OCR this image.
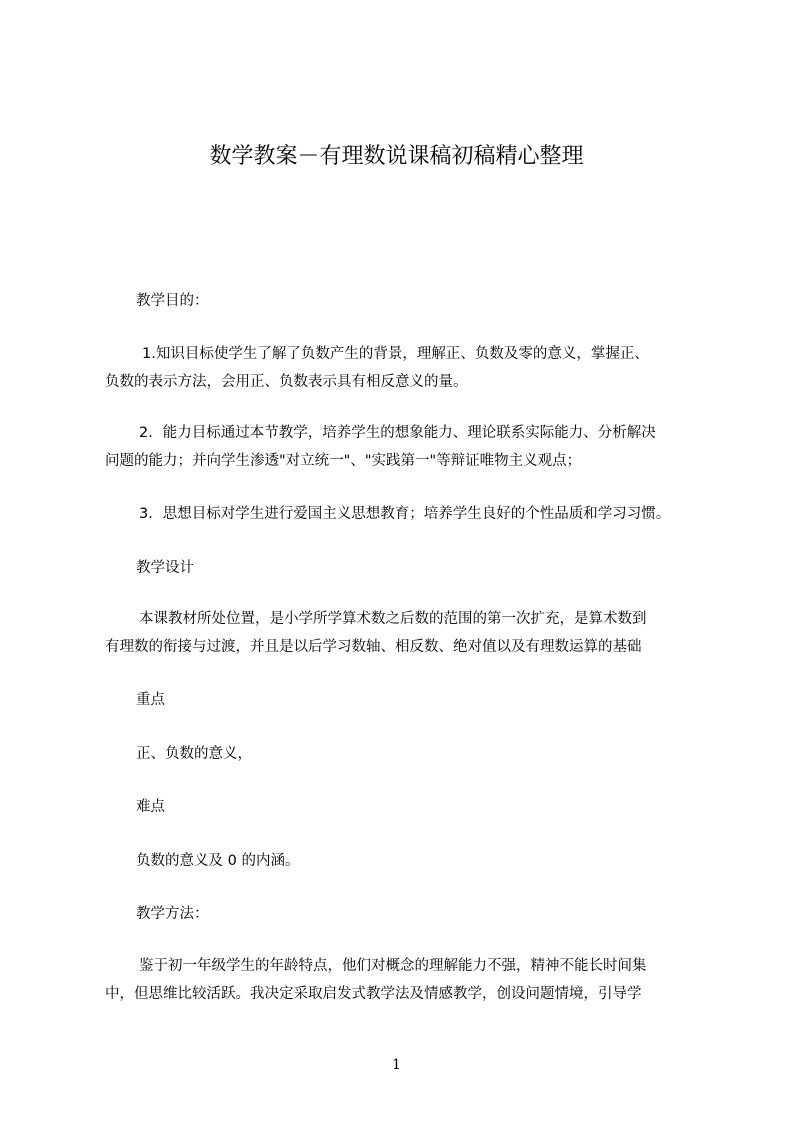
数学教案－有理数说课稿初稿精心整理
教学目的：
1.知识目标使学生了解了负数产生的背景，理解正、负数及零的意义，掌握正、
负数的表示方法，会用正、负数表示具有相反意义的量。
2．能力目标通过本节教学，培养学生的想象能力、理论联系实际能力、分析解决
问题的能力；并向学生渗透"对立统一"、"实践第一"等辩证唯物主义观点；
3．思想目标对学生进行爱国主义思想教育；培养学生良好的个性品质和学习习惯。
教学设计
本课教材所处位置，是小学所学算术数之后数的范围的第一次扩充，是算术数到
有理数的衔接与过渡，并且是以后学习数轴、相反数、绝对值以及有理数运算的基础
重点
正、负数的意义，
难点
负数的意义及 0 的内涵。
教学方法：
鉴于初一年级学生的年龄特点，他们对概念的理解能力不强，精神不能长时间集
中，但思维比较活跃。我决定采取启发式教学法及情感教学，创设问题情境，引导学
1
